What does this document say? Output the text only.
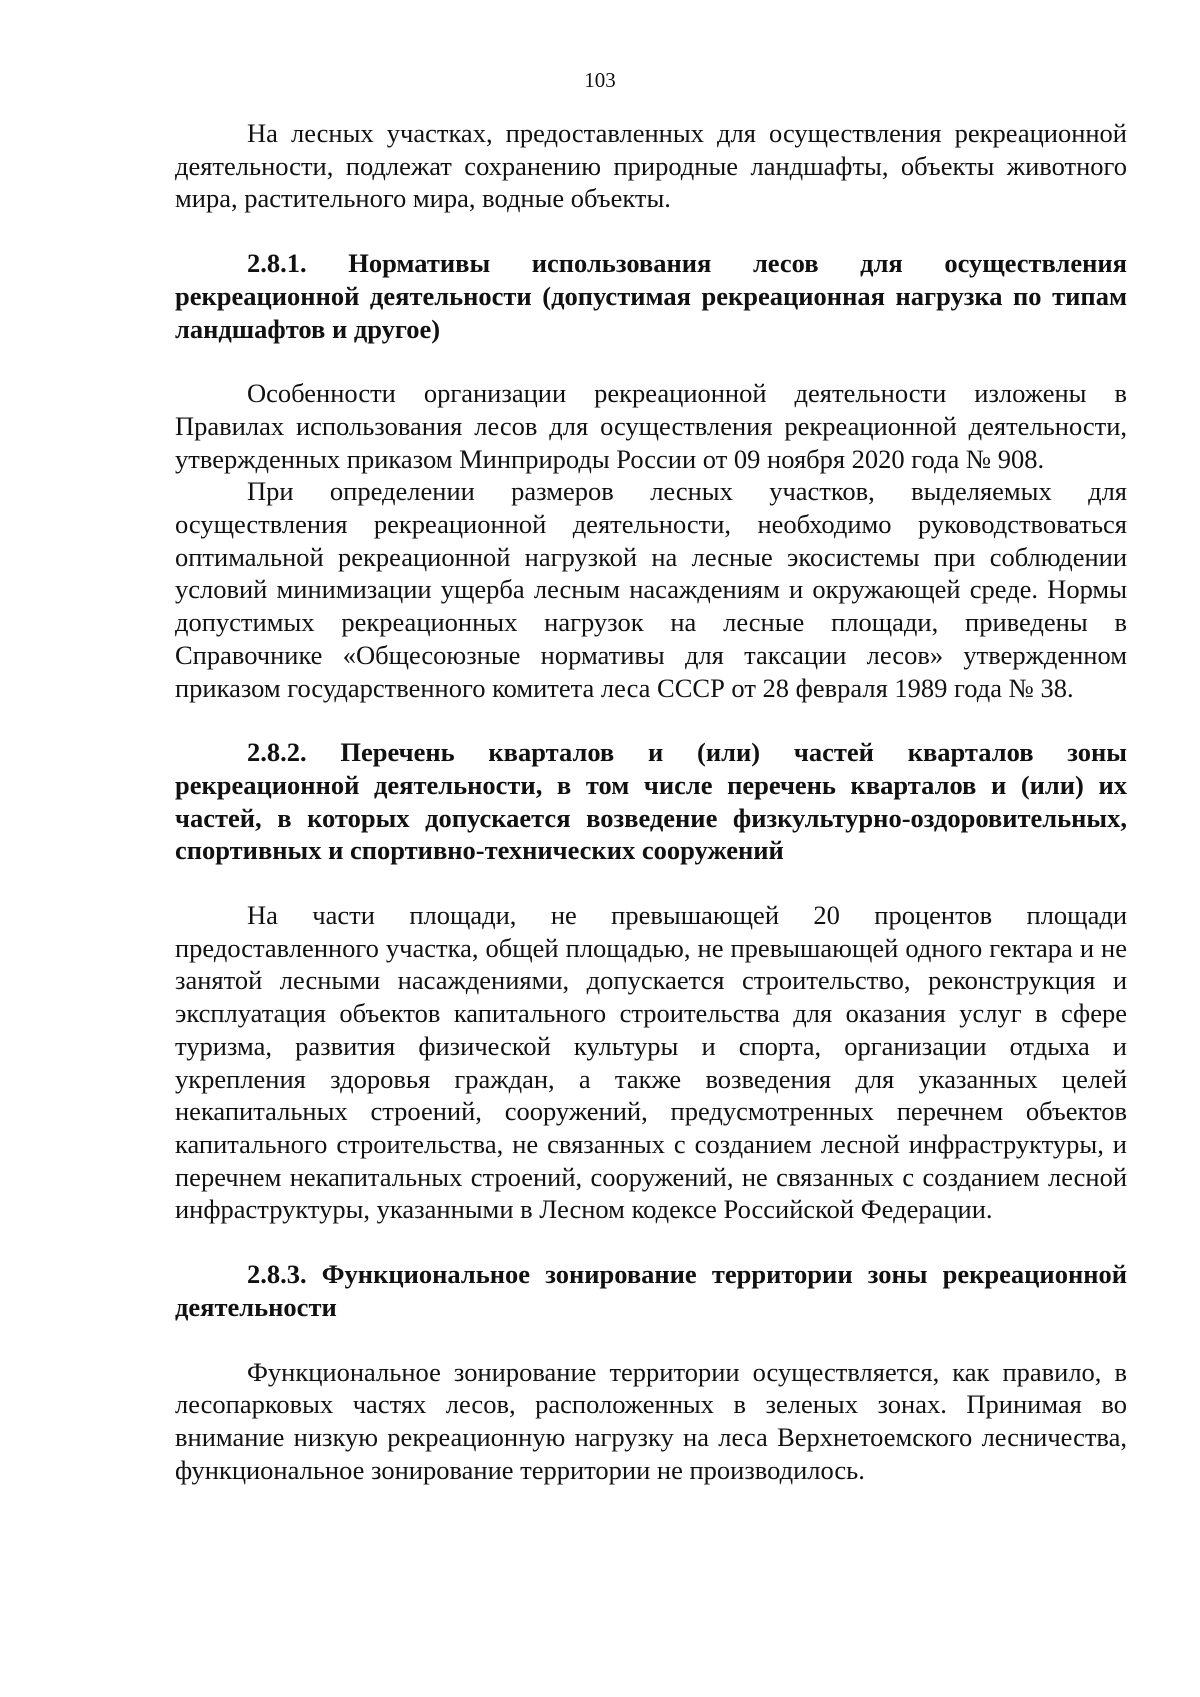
103

На лесных участках, предоставленных для осуществления рекреационной деятельности, подлежат сохранению природные ландшафты, объекты животного мира, растительного мира, водные объекты.

2.8.1. Нормативы использования лесов для осуществления рекреационной деятельности (допустимая рекреационная нагрузка по типам ландшафтов и другое)

Особенности организации рекреационной деятельности изложены в Правилах использования лесов для осуществления рекреационной деятельности, утвержденных приказом Минприроды России от 09 ноября 2020 года № 908.

При определении размеров лесных участков, выделяемых для осуществления рекреационной деятельности, необходимо руководствоваться оптимальной рекреационной нагрузкой на лесные экосистемы при соблюдении условий минимизации ущерба лесным насаждениям и окружающей среде. Нормы допустимых рекреационных нагрузок на лесные площади, приведены в Справочнике «Общесоюзные нормативы для таксации лесов» утвержденном приказом государственного комитета леса СССР от 28 февраля 1989 года № 38.

2.8.2. Перечень кварталов и (или) частей кварталов зоны рекреационной деятельности, в том числе перечень кварталов и (или) их частей, в которых допускается возведение физкультурно-оздоровительных, спортивных и спортивно-технических сооружений

На части площади, не превышающей 20 процентов площади предоставленного участка, общей площадью, не превышающей одного гектара и не занятой лесными насаждениями, допускается строительство, реконструкция и эксплуатация объектов капитального строительства для оказания услуг в сфере туризма, развития физической культуры и спорта, организации отдыха и укрепления здоровья граждан, а также возведения для указанных целей некапитальных строений, сооружений, предусмотренных перечнем объектов капитального строительства, не связанных с созданием лесной инфраструктуры, и перечнем некапитальных строений, сооружений, не связанных с созданием лесной инфраструктуры, указанными в Лесном кодексе Российской Федерации.

2.8.3. Функциональное зонирование территории зоны рекреационной деятельности

Функциональное зонирование территории осуществляется, как правило, в лесопарковых частях лесов, расположенных в зеленых зонах. Принимая во внимание низкую рекреационную нагрузку на леса Верхнетоемского лесничества, функциональное зонирование территории не производилось.
